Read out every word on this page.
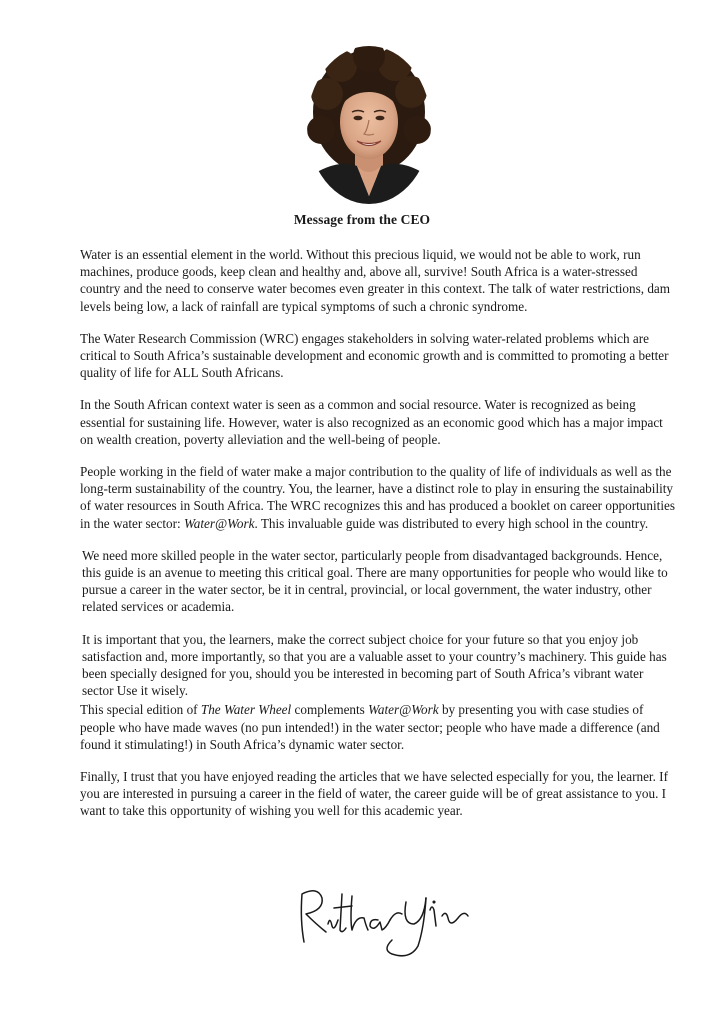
Message from the CEO

Water is an essential element in the world. Without this precious liquid, we would not be able to work, run machines, produce goods, keep clean and healthy and, above all, survive! South Africa is a water-stressed country and the need to conserve water becomes even greater in this context. The talk of water restrictions, dam levels being low, a lack of rainfall are typical symptoms of such a chronic syndrome.

The Water Research Commission (WRC) engages stakeholders in solving water-related problems which are critical to South Africa’s sustainable development and economic growth and is committed to promoting a better quality of life for ALL South Africans.

In the South African context water is seen as a common and social resource. Water is recognized as being essential for sustaining life. However, water is also recognized as an economic good which has a major impact on wealth creation, poverty alleviation and the well-being of people.

People working in the field of water make a major contribution to the quality of life of individuals as well as the long-term sustainability of the country. You, the learner, have a distinct role to play in ensuring the sustainability of water resources in South Africa. The WRC recognizes this and has produced a booklet on career opportunities in the water sector: Water@Work. This invaluable guide was distributed to every high school in the country.

We need more skilled people in the water sector, particularly people from disadvantaged backgrounds. Hence, this guide is an avenue to meeting this critical goal. There are many opportunities for people who would like to pursue a career in the water sector, be it in central, provincial, or local government, the water industry, other related services or academia.

It is important that you, the learners, make the correct subject choice for your future so that you enjoy job satisfaction and, more importantly, so that you are a valuable asset to your country’s machinery. This guide has been specially designed for you, should you be interested in becoming part of South Africa’s vibrant water sector Use it wisely.

This special edition of The Water Wheel complements Water@Work by presenting you with case studies of people who have made waves (no pun intended!) in the water sector; people who have made a difference (and found it stimulating!) in South Africa’s dynamic water sector.

Finally, I trust that you have enjoyed reading the articles that we have selected especially for you, the learner. If you are interested in pursuing a career in the field of water, the career guide will be of great assistance to you. I want to take this opportunity of wishing you well for this academic year.
